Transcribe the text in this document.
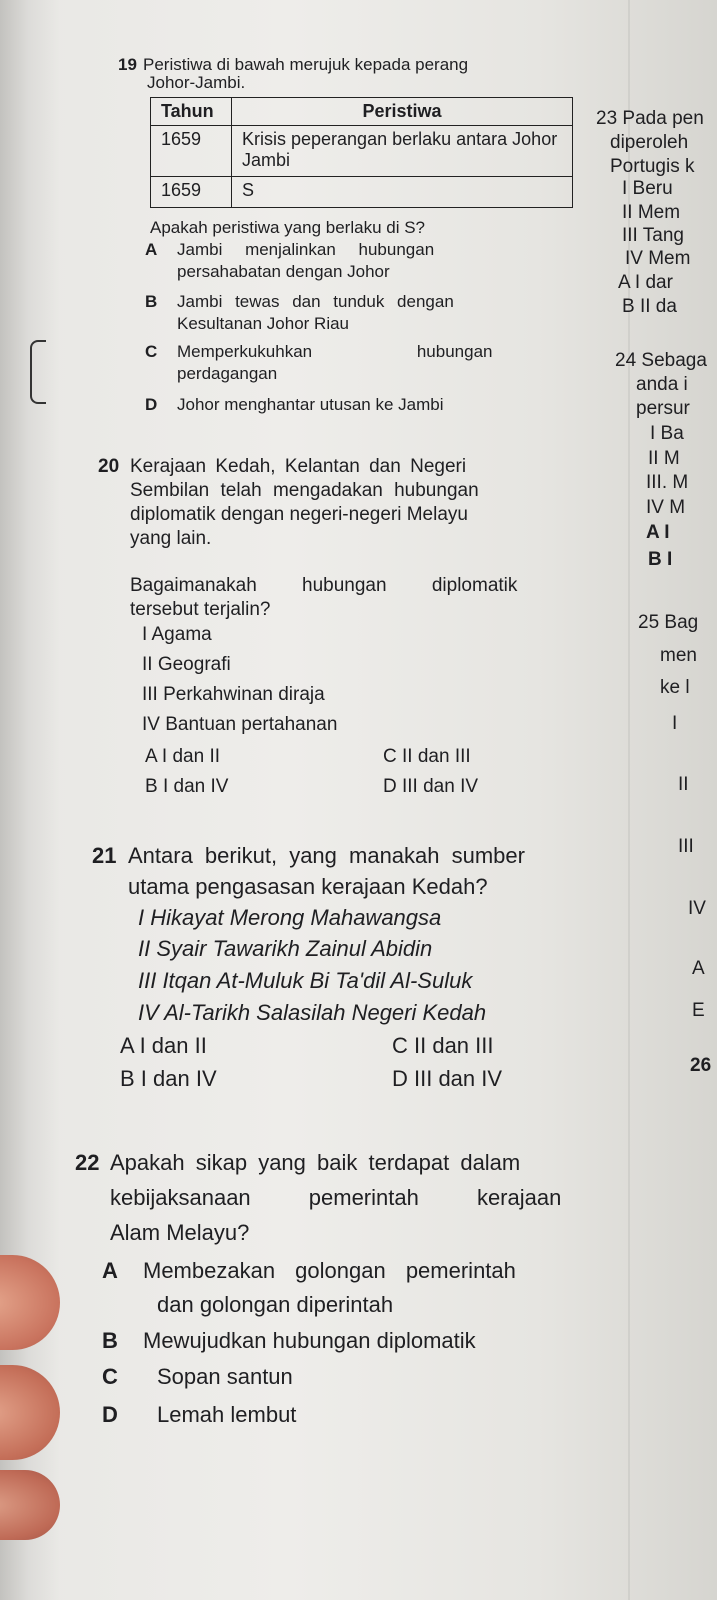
19 Peristiwa di bawah merujuk kepada perang
Johor-Jambi.
Tahun	Peristiwa
1659	Krisis peperangan berlaku antara Johor Jambi
1659	S
Apakah peristiwa yang berlaku di S?
A Jambi menjalinkan hubungan
persahabatan dengan Johor
B Jambi tewas dan tunduk dengan
Kesultanan Johor Riau
C Memperkukuhkan hubungan
perdagangan
D Johor menghantar utusan ke Jambi
20 Kerajaan Kedah, Kelantan dan Negeri
Sembilan telah mengadakan hubungan
diplomatik dengan negeri-negeri Melayu
yang lain.
Bagaimanakah hubungan diplomatik
tersebut terjalin?
I Agama
II Geografi
III Perkahwinan diraja
IV Bantuan pertahanan
A I dan II	C II dan III
B I dan IV	D III dan IV
21 Antara berikut, yang manakah sumber
utama pengasasan kerajaan Kedah?
I Hikayat Merong Mahawangsa
II Syair Tawarikh Zainul Abidin
III Itqan At-Muluk Bi Ta'dil Al-Suluk
IV Al-Tarikh Salasilah Negeri Kedah
A I dan II	C II dan III
B I dan IV	D III dan IV
22 Apakah sikap yang baik terdapat dalam
kebijaksanaan pemerintah kerajaan
Alam Melayu?
A Membezakan golongan pemerintah
dan golongan diperintah
B Mewujudkan hubungan diplomatik
C Sopan santun
D Lemah lembut
23 Pada pen
diperoleh
Portugis k
I Beru
II Mem
III Tang
IV Mem
A I dar
B II da
24 Sebaga
anda i
persur
I Ba
II M
III. M
IV M
A I
B I
25 Bag
men
ke l
I
II
III
IV
A
E
26
